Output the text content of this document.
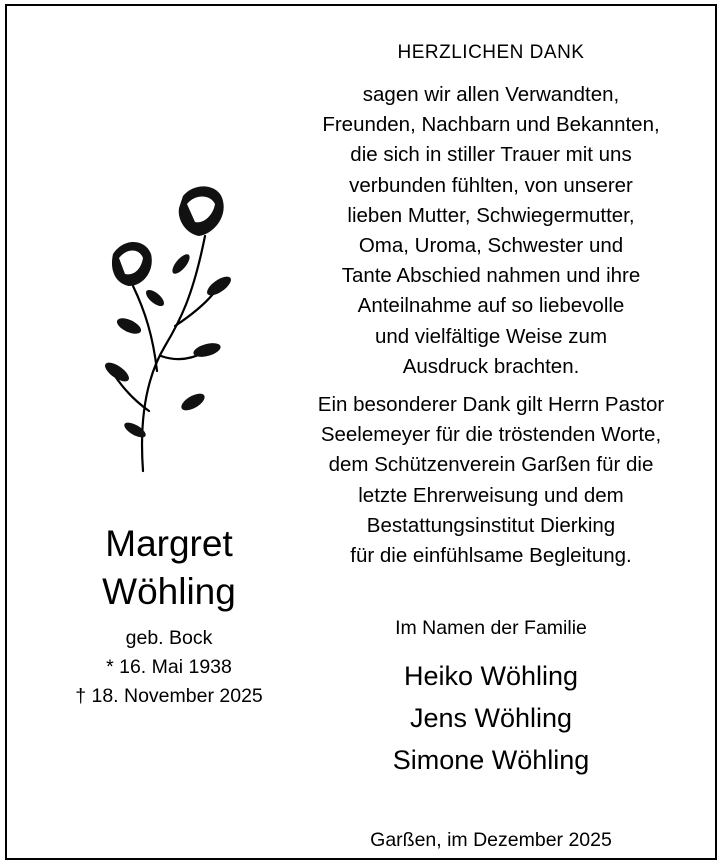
HERZLICHEN DANK

sagen wir allen Verwandten,

Freunden, Nachbarn und Bekannten,

die sich in stiller Trauer mit uns

verbunden fühlten, von unserer

lieben Mutter, Schwiegermutter,

Oma, Uroma, Schwester und

Tante Abschied nahmen und ihre

Anteilnahme auf so liebevolle

und vielfältige Weise zum

Ausdruck brachten.

Ein besonderer Dank gilt Herrn Pastor

Seelemeyer für die tröstenden Worte,

dem Schützenverein Garßen für die

letzte Ehrerweisung und dem

Bestattungsinstitut Dierking

für die einfühlsame Begleitung.

Im Namen der Familie
Heiko Wöhling
Jens Wöhling
Simone Wöhling
Garßen, im Dezember 2025
Margret
Wöhling
geb. Bock
* 16. Mai 1938
† 18. November 2025
